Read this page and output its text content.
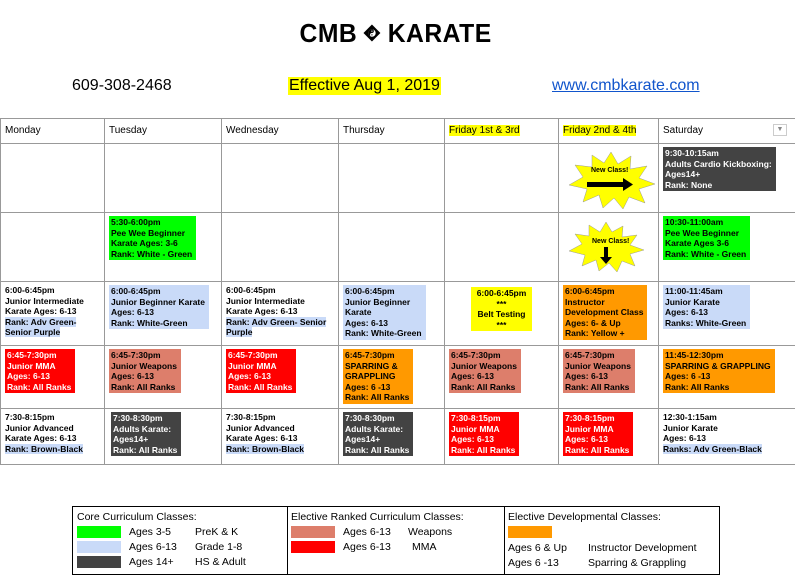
CMB KARATE
609-308-2468	Effective Aug 1, 2019	www.cmbkarate.com
Monday	Tuesday	Wednesday	Thursday	Friday 1st & 3rd	Friday 2nd & 4th	Saturday

					New Class!	9:30-10:15am
Adults Cardio Kickboxing:
Ages14+
Rank: None

	5:30-6:00pm
Pee Wee Beginner
Karate Ages: 3-6
Rank: White - Green				New Class!	10:30-11:00am
Pee Wee Beginner
Karate Ages 3-6
Rank: White - Green

6:00-6:45pm
Junior Intermediate
Karate Ages: 6-13
Rank: Adv Green-
Senior Purple	6:00-6:45pm
Junior Beginner Karate
Ages: 6-13
Rank: White-Green	6:00-6:45pm
Junior Intermediate
Karate Ages: 6-13
Rank: Adv Green- Senior
Purple	6:00-6:45pm
Junior Beginner
Karate
Ages: 6-13
Rank: White-Green	6:00-6:45pm
***
Belt Testing
***	6:00-6:45pm
Instructor
Development Class
Ages: 6- & Up
Rank: Yellow +	11:00-11:45am
Junior Karate
Ages: 6-13
Ranks: White-Green

6:45-7:30pm
Junior MMA
Ages: 6-13
Rank: All Ranks	6:45-7:30pm
Junior Weapons
Ages: 6-13
Rank: All Ranks	6:45-7:30pm
Junior MMA
Ages: 6-13
Rank: All Ranks	6:45-7:30pm
SPARRING &
GRAPPLING
Ages: 6 -13
Rank: All Ranks	6:45-7:30pm
Junior Weapons
Ages: 6-13
Rank: All Ranks	6:45-7:30pm
Junior Weapons
Ages: 6-13
Rank: All Ranks	11:45-12:30pm
SPARRING & GRAPPLING
Ages: 6 -13
Rank: All Ranks

7:30-8:15pm
Junior Advanced
Karate Ages: 6-13
Rank: Brown-Black	7:30-8:30pm
Adults Karate:
Ages14+
Rank: All Ranks	7:30-8:15pm
Junior Advanced
Karate Ages: 6-13
Rank: Brown-Black	7:30-8:30pm
Adults Karate:
Ages14+
Rank: All Ranks	7:30-8:15pm
Junior MMA
Ages: 6-13
Rank: All Ranks	7:30-8:15pm
Junior MMA
Ages: 6-13
Rank: All Ranks	12:30-1:15am
Junior Karate
Ages: 6-13
Ranks: Adv Green-Black
▼
Core Curriculum Classes:
Ages 3-5 PreK & K
Ages 6-13 Grade 1-8
Ages 14+ HS & Adult
Elective Ranked Curriculum Classes:
Ages 6-13 Weapons
Ages 6-13 MMA
Elective Developmental Classes:
Ages 6 & Up Instructor Development
Ages 6 -13	Sparring & Grappling
